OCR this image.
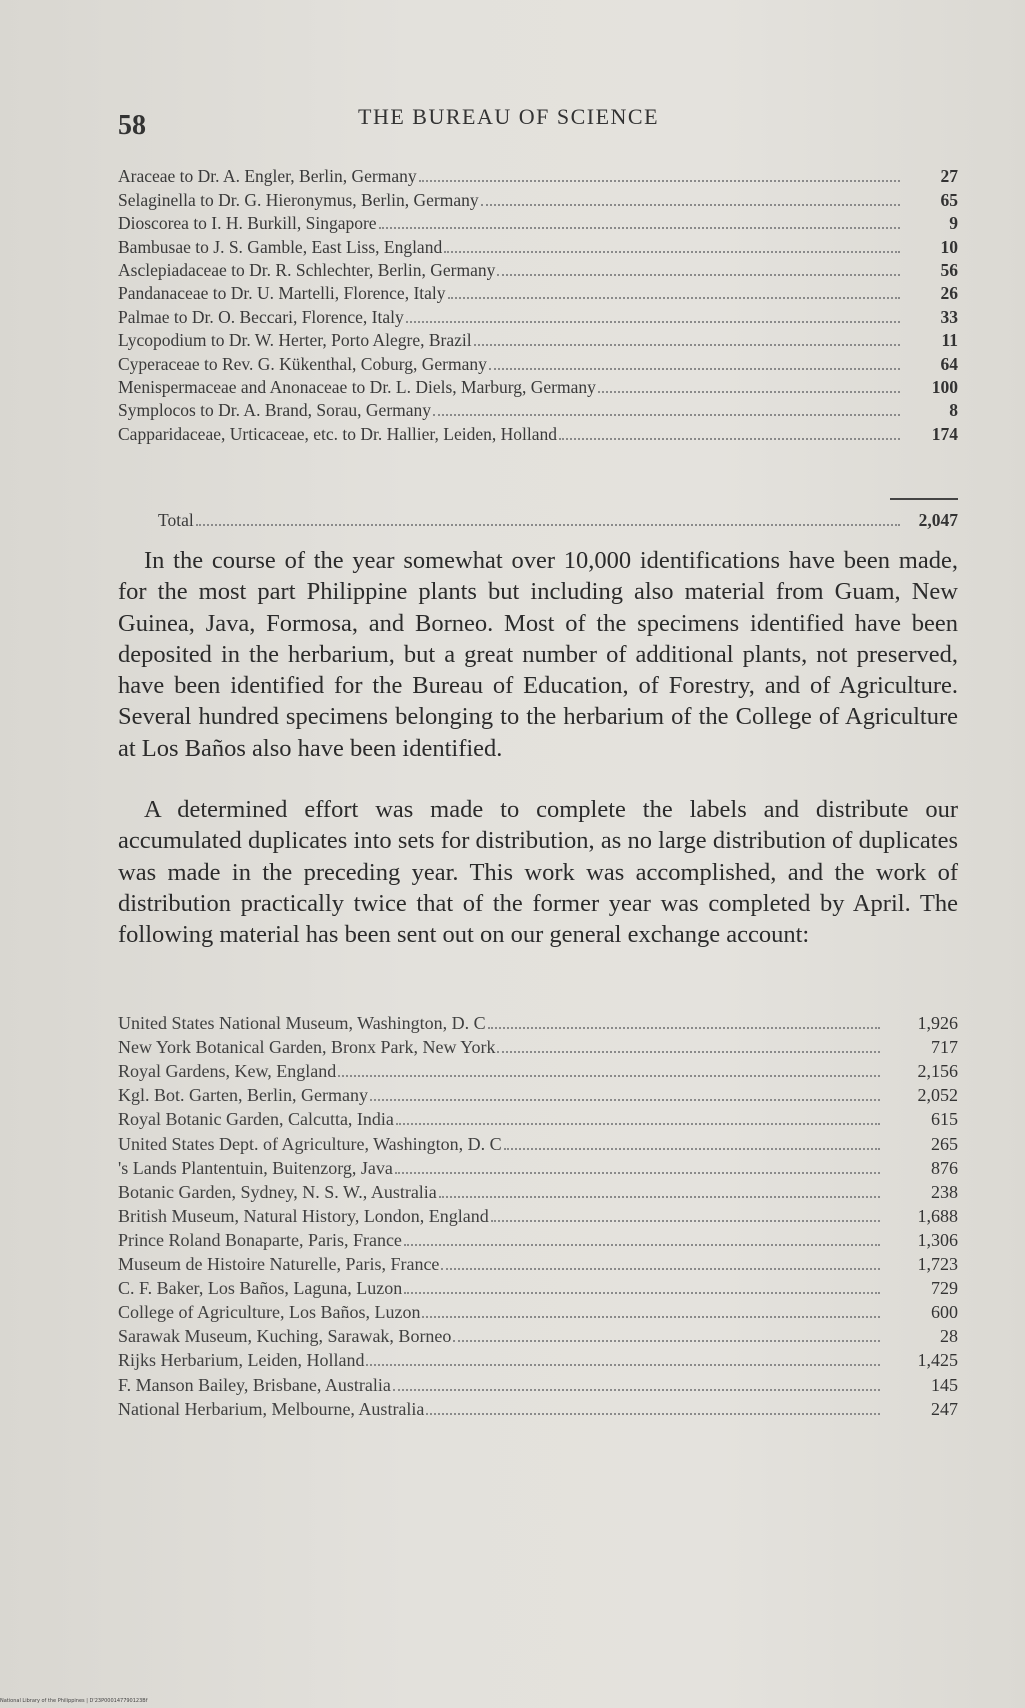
58	THE BUREAU OF SCIENCE
Araceae to Dr. A. Engler, Berlin, Germany	27
Selaginella to Dr. G. Hieronymus, Berlin, Germany	65
Dioscorea to I. H. Burkill, Singapore	9
Bambusae to J. S. Gamble, East Liss, England	10
Asclepiadaceae to Dr. R. Schlechter, Berlin, Germany	56
Pandanaceae to Dr. U. Martelli, Florence, Italy	26
Palmae to Dr. O. Beccari, Florence, Italy	33
Lycopodium to Dr. W. Herter, Porto Alegre, Brazil	11
Cyperaceae to Rev. G. Kükenthal, Coburg, Germany	64
Menispermaceae and Anonaceae to Dr. L. Diels, Marburg, Germany	100
Symplocos to Dr. A. Brand, Sorau, Germany	8
Capparidaceae, Urticaceae, etc. to Dr. Hallier, Leiden, Holland	174
Total	2,047

In the course of the year somewhat over 10,000 identifications have been made, for the most part Philippine plants but including also material from Guam, New Guinea, Java, Formosa, and Borneo. Most of the specimens identified have been deposited in the herbarium, but a great number of additional plants, not preserved, have been identified for the Bureau of Education, of Forestry, and of Agriculture. Several hundred specimens belonging to the herbarium of the College of Agriculture at Los Baños also have been identified.

A determined effort was made to complete the labels and distribute our accumulated duplicates into sets for distribution, as no large distribution of duplicates was made in the preceding year. This work was accomplished, and the work of distribution practically twice that of the former year was completed by April. The following material has been sent out on our general exchange account:

United States National Museum, Washington, D. C	1,926
New York Botanical Garden, Bronx Park, New York	717
Royal Gardens, Kew, England	2,156
Kgl. Bot. Garten, Berlin, Germany	2,052
Royal Botanic Garden, Calcutta, India	615
United States Dept. of Agriculture, Washington, D. C	265
's Lands Plantentuin, Buitenzorg, Java	876
Botanic Garden, Sydney, N. S. W., Australia	238
British Museum, Natural History, London, England	1,688
Prince Roland Bonaparte, Paris, France	1,306
Museum de Histoire Naturelle, Paris, France	1,723
C. F. Baker, Los Baños, Laguna, Luzon	729
College of Agriculture, Los Baños, Luzon	600
Sarawak Museum, Kuching, Sarawak, Borneo	28
Rijks Herbarium, Leiden, Holland	1,425
F. Manson Bailey, Brisbane, Australia	145
National Herbarium, Melbourne, Australia	247
National Library of the Philippines | D'23P000147790123Bf
